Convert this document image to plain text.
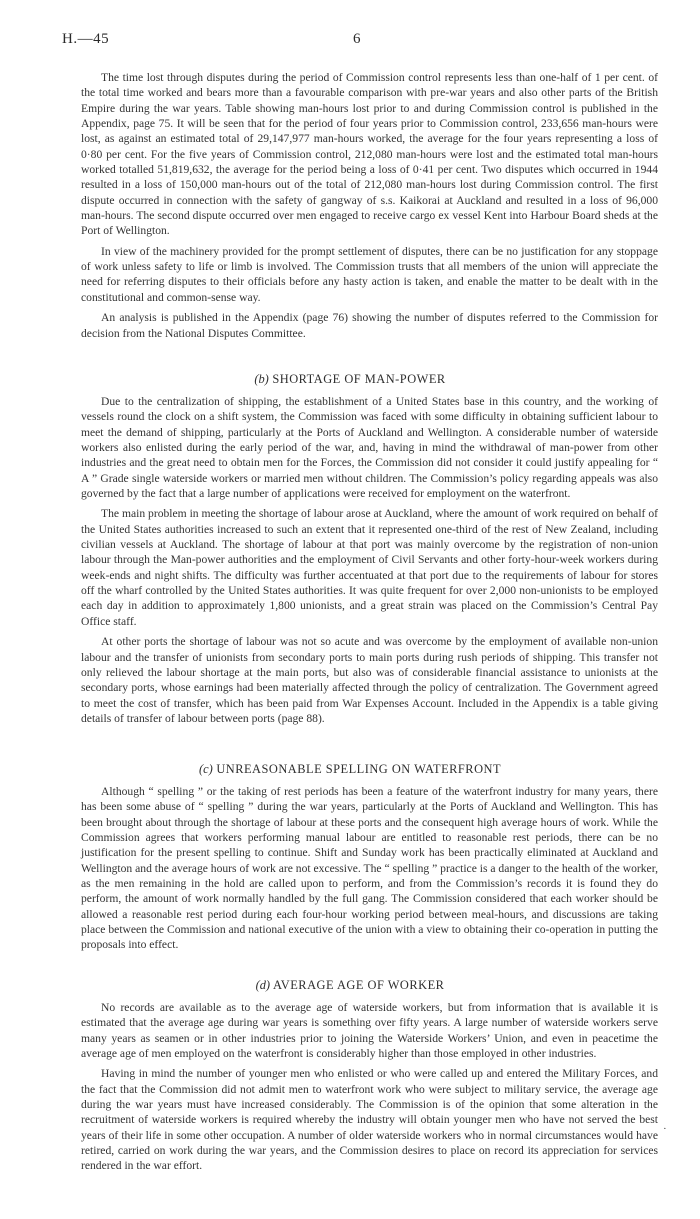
H.—45	6

The time lost through disputes during the period of Commission control represents less than one-half of 1 per cent. of the total time worked and bears more than a favourable comparison with pre-war years and also other parts of the British Empire during the war years. Table showing man-hours lost prior to and during Commission control is published in the Appendix, page 75. It will be seen that for the period of four years prior to Commission control, 233,656 man-hours were lost, as against an estimated total of 29,147,977 man-hours worked, the average for the four years representing a loss of 0·80 per cent. For the five years of Commission control, 212,080 man-hours were lost and the estimated total man-hours worked totalled 51,819,632, the average for the period being a loss of 0·41 per cent. Two disputes which occurred in 1944 resulted in a loss of 150,000 man-hours out of the total of 212,080 man-hours lost during Commission control. The first dispute occurred in connection with the safety of gangway of s.s. Kaikorai at Auckland and resulted in a loss of 96,000 man-hours. The second dispute occurred over men engaged to receive cargo ex vessel Kent into Harbour Board sheds at the Port of Wellington.

In view of the machinery provided for the prompt settlement of disputes, there can be no justification for any stoppage of work unless safety to life or limb is involved. The Commission trusts that all members of the union will appreciate the need for referring disputes to their officials before any hasty action is taken, and enable the matter to be dealt with in the constitutional and common-sense way.

An analysis is published in the Appendix (page 76) showing the number of disputes referred to the Commission for decision from the National Disputes Committee.

(b) SHORTAGE OF MAN-POWER

Due to the centralization of shipping, the establishment of a United States base in this country, and the working of vessels round the clock on a shift system, the Commission was faced with some difficulty in obtaining sufficient labour to meet the demand of shipping, particularly at the Ports of Auckland and Wellington. A considerable number of waterside workers also enlisted during the early period of the war, and, having in mind the withdrawal of man-power from other industries and the great need to obtain men for the Forces, the Commission did not consider it could justify appealing for “ A ” Grade single waterside workers or married men without children. The Commission’s policy regarding appeals was also governed by the fact that a large number of applications were received for employment on the waterfront.

The main problem in meeting the shortage of labour arose at Auckland, where the amount of work required on behalf of the United States authorities increased to such an extent that it represented one-third of the rest of New Zealand, including civilian vessels at Auckland. The shortage of labour at that port was mainly overcome by the registration of non-union labour through the Man-power authorities and the employment of Civil Servants and other forty-hour-week workers during week-ends and night shifts. The difficulty was further accentuated at that port due to the requirements of labour for stores off the wharf controlled by the United States authorities. It was quite frequent for over 2,000 non-unionists to be employed each day in addition to approximately 1,800 unionists, and a great strain was placed on the Commission’s Central Pay Office staff.

At other ports the shortage of labour was not so acute and was overcome by the employment of available non-union labour and the transfer of unionists from secondary ports to main ports during rush periods of shipping. This transfer not only relieved the labour shortage at the main ports, but also was of considerable financial assistance to unionists at the secondary ports, whose earnings had been materially affected through the policy of centralization. The Government agreed to meet the cost of transfer, which has been paid from War Expenses Account. Included in the Appendix is a table giving details of transfer of labour between ports (page 88).

(c) UNREASONABLE SPELLING ON WATERFRONT

Although “ spelling ” or the taking of rest periods has been a feature of the waterfront industry for many years, there has been some abuse of “ spelling ” during the war years, particularly at the Ports of Auckland and Wellington. This has been brought about through the shortage of labour at these ports and the consequent high average hours of work. While the Commission agrees that workers performing manual labour are entitled to reasonable rest periods, there can be no justification for the present spelling to continue. Shift and Sunday work has been practically eliminated at Auckland and Wellington and the average hours of work are not excessive. The “ spelling ” practice is a danger to the health of the worker, as the men remaining in the hold are called upon to perform, and from the Commission’s records it is found they do perform, the amount of work normally handled by the full gang. The Commission considered that each worker should be allowed a reasonable rest period during each four-hour working period between meal-hours, and discussions are taking place between the Commission and national executive of the union with a view to obtaining their co-operation in putting the proposals into effect.

(d) AVERAGE AGE OF WORKER

No records are available as to the average age of waterside workers, but from information that is available it is estimated that the average age during war years is something over fifty years. A large number of waterside workers serve many years as seamen or in other industries prior to joining the Waterside Workers’ Union, and even in peacetime the average age of men employed on the waterfront is considerably higher than those employed in other industries.

Having in mind the number of younger men who enlisted or who were called up and entered the Military Forces, and the fact that the Commission did not admit men to waterfront work who were subject to military service, the average age during the war years must have increased considerably. The Commission is of the opinion that some alteration in the recruitment of waterside workers is required whereby the industry will obtain younger men who have not served the best years of their life in some other occupation. A number of older waterside workers who in normal circumstances would have retired, carried on work during the war years, and the Commission desires to place on record its appreciation for services rendered in the war effort.

·
